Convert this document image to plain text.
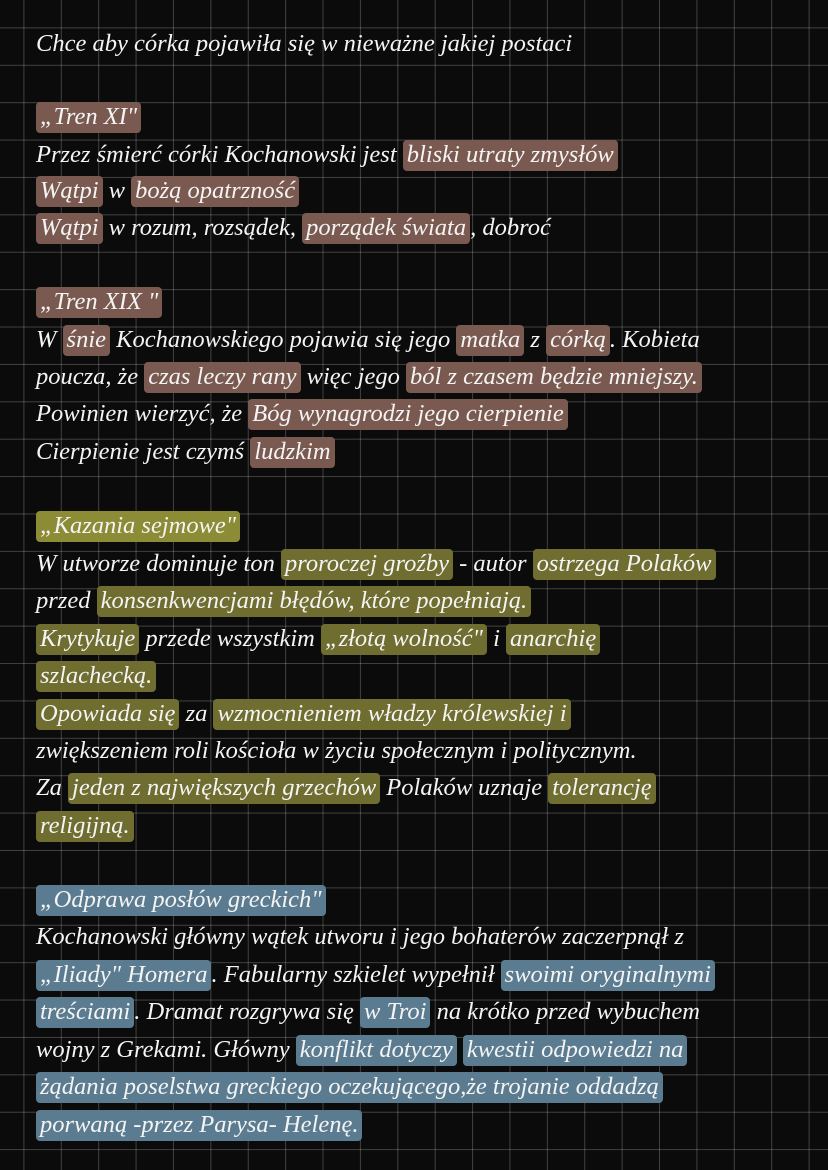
Chce aby córka pojawiła się w nieważne jakiej postaci
„Tren XI"
Przez śmierć córki Kochanowski jest bliski utraty zmysłów
Wątpi w bożą opatrzność
Wątpi w rozum, rozsądek, porządek świata , dobroć
„Tren XIX "
W śnie Kochanowskiego pojawia się jego matka z córką . Kobieta
poucza, że czas leczy rany więc jego ból z czasem będzie mniejszy.
Powinien wierzyć, że Bóg wynagrodzi jego cierpienie
Cierpienie jest czymś ludzkim
„Kazania sejmowe"
W utworze dominuje ton proroczej groźby - autor ostrzega Polaków
przed konsenkwencjami błędów, które popełniają.
Krytykuje przede wszystkim „złotą wolność" i anarchię
szlachecką.
Opowiada się za wzmocnieniem władzy królewskiej i
zwiększeniem roli kościoła w życiu społecznym i politycznym.
Za jeden z największych grzechów Polaków uznaje tolerancję
religijną.
„Odprawa posłów greckich"
Kochanowski główny wątek utworu i jego bohaterów zaczerpnął z
„Iliady" Homera . Fabularny szkielet wypełnił swoimi oryginalnymi
treściami . Dramat rozgrywa się w Troi na krótko przed wybuchem
wojny z Grekami. Główny konflikt dotyczy kwestii odpowiedzi na
żądania poselstwa greckiego oczekującego,że trojanie oddadzą
porwaną -przez Parysa- Helenę.
